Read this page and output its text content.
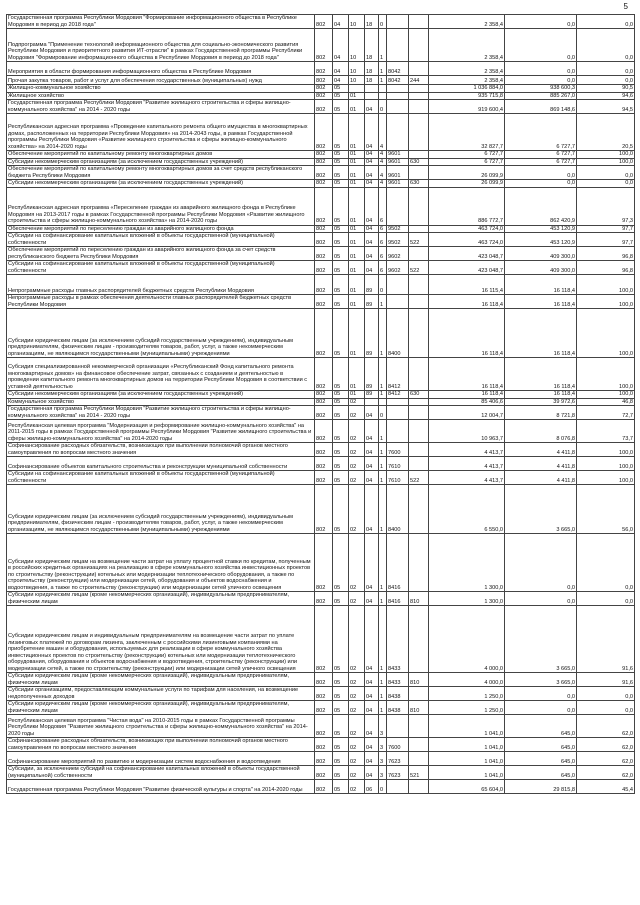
5
Государственная программа Республики Мордовия "Формирование информационного общества в Республике Мордовия в период до 2018 года"	802	04	10	18	0			2 358,4	0,0	0,0
Подпрограмма "Применение технологий информационного общества для социально-экономического развития Республики Мордовия и приоритетного развития ИТ-отрасли" в рамках Государственной программы Республики Мордовия "Формирование информационного общества в Республике Мордовия в период до 2018 года"	802	04	10	18	1			2 358,4	0,0	0,0
Мероприятия в области формирования информационного общества в Республике Мордовия	802	04	10	18	1	8042		2 358,4	0,0	0,0
Прочая закупка товаров, работ и услуг для обеспечения государственных (муниципальных) нужд	802	04	10	18	1	8042	244	2 358,4	0,0	0,0
Жилищно-коммунальное хозяйство	802	05						1 036 884,0	938 600,3	90,5
Жилищное хозяйство	802	05	01					935 715,8	885 267,0	94,6
Государственная программа Республики Мордовия "Развитие жилищного строительства и сферы жилищно-коммунального хозяйства" на 2014 - 2020 годы	802	05	01	04	0			919 600,4	869 148,6	94,5
Республиканская адресная программа «Проведение капитального ремонта общего имущества в многоквартирных домах, расположенных на территории Республики Мордовия» на 2014-2043 годы, в рамках Государственной программы Республики Мордовия «Развитие жилищного строительства и сферы жилищно-коммунального хозяйства» на 2014-2020 годы	802	05	01	04	4			32 827,7	6 727,7	20,5
Обеспечение мероприятий по капитальному ремонту многоквартирных домов	802	05	01	04	4	9601		6 727,7	6 727,7	100,0
Субсидии некоммерческим организациям (за исключением государственных учреждений)	802	05	01	04	4	9601	630	6 727,7	6 727,7	100,0
Обеспечение мероприятий по капитальному ремонту многоквартирных домов за счет средств республиканского бюджета Республики Мордовия	802	05	01	04	4	9601		26 099,9	0,0	0,0
Субсидии некоммерческим организациям (за исключением государственных учреждений)	802	05	01	04	4	9601	630	26 099,9	0,0	0,0
Республиканская адресная программа «Переселение граждан из аварийного жилищного фонда в Республике Мордовия на 2013-2017 годы в рамках Государственной программы Республики Мордовия «Развитие жилищного строительства и сферы жилищно-коммунального хозяйства» на 2014-2020 годы	802	05	01	04	6			886 772,7	862 420,9	97,3
Обеспечение мероприятий по переселению граждан из аварийного жилищного фонда	802	05	01	04	6	9502		463 724,0	453 120,9	97,7
Субсидии на софинансирование капитальных вложений в объекты государственной (муниципальной) собственности	802	05	01	04	6	9502	522	463 724,0	453 120,9	97,7
Обеспечение мероприятий по переселению граждан из аварийного жилищного фонда за счет средств республиканского бюджета Республики Мордовия	802	05	01	04	6	9602		423 048,7	409 300,0	96,8
Субсидии на софинансирование капитальных вложений в объекты государственной (муниципальной) собственности	802	05	01	04	6	9602	522	423 048,7	409 300,0	96,8
Непрограммные расходы главных распорядителей бюджетных средств Республики Мордовия	802	05	01	89	0			16 115,4	16 118,4	100,0
Непрограммные расходы в рамках обеспечения деятельности главных распорядителей бюджетных средств Республики Мордовия	802	05	01	89	1			16 118,4	16 118,4	100,0
Субсидии юридическим лицам (за исключением субсидий государственным учреждениям), индивидуальным предпринимателям, физическим лицам - производителям товаров, работ, услуг, а также некоммерческим организациям, не являющимся государственными (муниципальными) учреждениями	802	05	01	89	1	8400		16 118,4	16 118,4	100,0
Субсидия специализированной некоммерческой организации «Республиканский Фонд капитального ремонта многоквартирных домов» на финансовое обеспечение затрат, связанных с созданием и деятельностью в проведении капитального ремонта многоквартирных домов на территории Республики Мордовия в соответствии с уставной деятельностью	802	05	01	89	1	8412		16 118,4	16 118,4	100,0
Субсидии некоммерческим организациям (за исключением государственных учреждений)	802	05	01	89	1	8412	630	16 118,4	16 118,4	100,0
Коммунальное хозяйство	802	05	02					85 406,6	39 972,6	46,8
Государственная программа Республики Мордовия "Развитие жилищного строительства и сферы жилищно-коммунального хозяйства" на 2014 - 2020 годы	802	05	02	04	0			12 004,7	8 721,8	72,7
Республиканская целевая программа "Модернизация и реформирование жилищно-коммунального хозяйства" на 2011-2015 годы в рамках Государственной программы Республики Мордовия "Развитие жилищного строительства и сферы жилищно-коммунального хозяйства" на 2014-2020 годы	802	05	02	04	1			10 963,7	8 076,8	73,7
Софинансирование расходных обязательств, возникающих при выполнении полномочий органов местного самоуправления по вопросам местного значения	802	05	02	04	1	7600		4 413,7	4 411,8	100,0
Софинансирование объектов капитального строительства и реконструкции муниципальной собственности	802	05	02	04	1	7610		4 413,7	4 411,8	100,0
Субсидии на софинансирование капитальных вложений в объекты государственной (муниципальной) собственности	802	05	02	04	1	7610	522	4 413,7	4 411,8	100,0
Субсидии юридическим лицам (за исключением субсидий государственным учреждениям), индивидуальным предпринимателям, физическим лицам - производителям товаров, работ, услуг, а также некоммерческим организациям, не являющимся государственными (муниципальными) учреждениями	802	05	02	04	1	8400		6 550,0	3 665,0	56,0
Субсидии юридическим лицам на возмещение части затрат на уплату процентной ставки по кредитам, полученным в российских кредитных организациях на реализацию в сфере коммунального хозяйства инвестиционных проектов по строительству (реконструкции) котельных или модернизации теплотехнического оборудования, а также по строительству (реконструкции) или модернизации сетей, оборудования и объектов водоснабжения и водоотведения, а также по строительству (реконструкции) или модернизации сетей уличного освещения	802	05	02	04	1	8416		1 300,0	0,0	0,0
Субсидии юридическим лицам (кроме некоммерческих организаций), индивидуальным предпринимателям, физическим лицам	802	05	02	04	1	8416	810	1 300,0	0,0	0,0
Субсидии юридическим лицам и индивидуальным предпринимателям на возмещение части затрат по уплате лизинговых платежей по договорам лизинга, заключенным с российскими лизинговыми компаниями на приобретение машин и оборудования, используемых для реализации в сфере коммунального хозяйства инвестиционных проектов по строительству (реконструкции) котельных или модернизации теплотехнического оборудования, оборудования и объектов водоснабжения и водоотведения, строительству (реконструкции) или модернизации сетей, а также по строительству (реконструкции) или модернизации сетей уличного освещения	802	05	02	04	1	8433		4 000,0	3 665,0	91,6
Субсидии юридическим лицам (кроме некоммерческих организаций), индивидуальным предпринимателям, физическим лицам	802	05	02	04	1	8433	810	4 000,0	3 665,0	91,6
Субсидии организациям, предоставляющим коммунальные услуги по тарифам для населения, на возмещение недополученных доходов	802	05	02	04	1	8438		1 250,0	0,0	0,0
Субсидии юридическим лицам (кроме некоммерческих организаций), индивидуальным предпринимателям, физическим лицам	802	05	02	04	1	8438	810	1 250,0	0,0	0,0
Республиканская целевая программа "Чистая вода" на 2010-2015 годы в рамках Государственной программы Республики Мордовия "Развитие жилищного строительства и сферы жилищно-коммунального хозяйства" на 2014-2020 годы	802	05	02	04	3			1 041,0	645,0	62,0
Софинансирование расходных обязательств, возникающих при выполнении полномочий органов местного самоуправления по вопросам местного значения	802	05	02	04	3	7600		1 041,0	645,0	62,0
Софинансирование мероприятий по развитию и модернизации систем водоснабжения и водоотведения	802	05	02	04	3	7623		1 041,0	645,0	62,0
Субсидии, за исключением субсидий на софинансирование капитальных вложений в объекты государственной (муниципальной) собственности	802	05	02	04	3	7623	521	1 041,0	645,0	62,0
Государственная программа Республики Мордовия "Развитие физической культуры и спорта" на 2014-2020 годы	802	05	02	06	0			65 604,0	29 815,8	45,4
